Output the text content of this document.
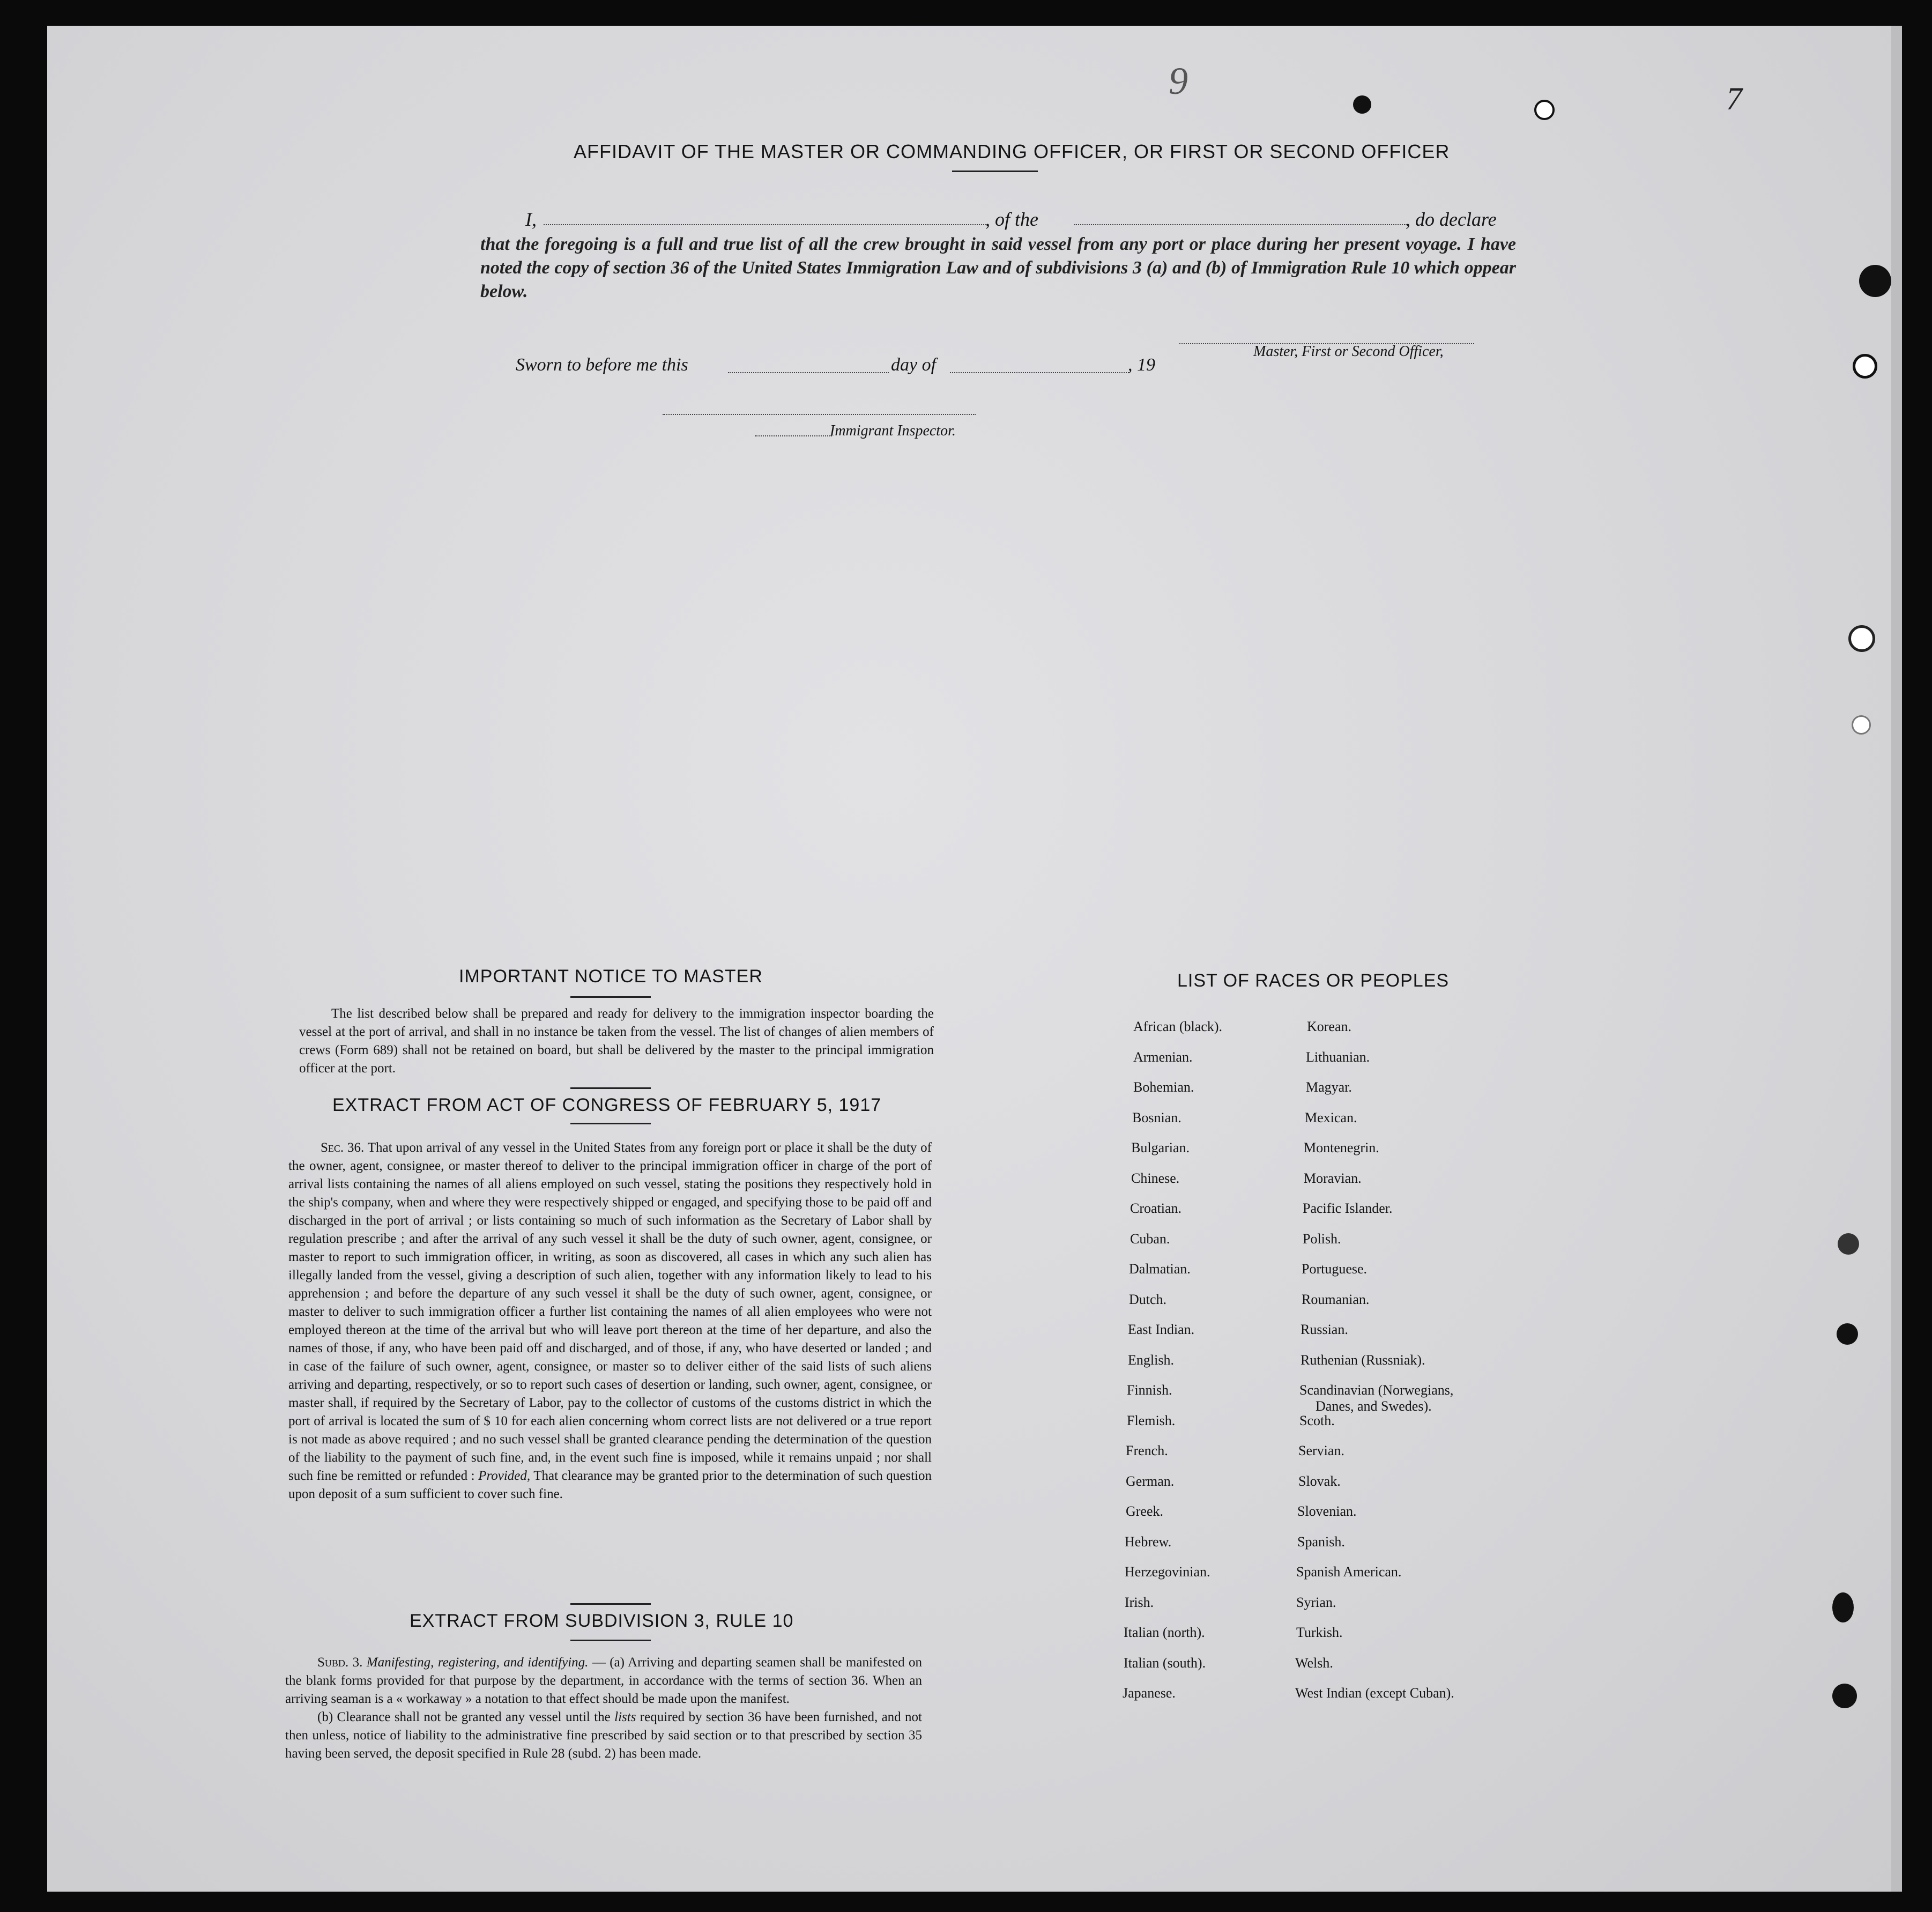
9	7
AFFIDAVIT OF THE MASTER OR COMMANDING OFFICER, OR FIRST OR SECOND OFFICER
I,	, of the	, do declare
that the foregoing is a full and true list of all the crew brought in said vessel from any port or place during her present voyage. I have noted the copy of section 36 of the United States Immigration Law and of subdivisions 3 (a) and (b) of Immigration Rule 10 which oppear below.
Master, First or Second Officer,
Sworn to before me this	day of	, 19
Immigrant Inspector.
IMPORTANT NOTICE TO MASTER

The list described below shall be prepared and ready for delivery to the immigration inspector boarding the vessel at the port of arrival, and shall in no instance be taken from the vessel. The list of changes of alien members of crews (Form 689) shall not be retained on board, but shall be delivered by the master to the principal immigration officer at the port.

EXTRACT FROM ACT OF CONGRESS OF FEBRUARY 5, 1917

Sec. 36. That upon arrival of any vessel in the United States from any foreign port or place it shall be the duty of the owner, agent, consignee, or master thereof to deliver to the principal immigration officer in charge of the port of arrival lists containing the names of all aliens employed on such vessel, stating the positions they respectively hold in the ship's company, when and where they were respectively shipped or engaged, and specifying those to be paid off and discharged in the port of arrival ; or lists containing so much of such information as the Secretary of Labor shall by regulation prescribe ; and after the arrival of any such vessel it shall be the duty of such owner, agent, consignee, or master to report to such immigration officer, in writing, as soon as discovered, all cases in which any such alien has illegally landed from the vessel, giving a description of such alien, together with any information likely to lead to his apprehension ; and before the departure of any such vessel it shall be the duty of such owner, agent, consignee, or master to deliver to such immigration officer a further list containing the names of all alien employees who were not employed thereon at the time of the arrival but who will leave port thereon at the time of her departure, and also the names of those, if any, who have been paid off and discharged, and of those, if any, who have deserted or landed ; and in case of the failure of such owner, agent, consignee, or master so to deliver either of the said lists of such aliens arriving and departing, respectively, or so to report such cases of desertion or landing, such owner, agent, consignee, or master shall, if required by the Secretary of Labor, pay to the collector of customs of the customs district in which the port of arrival is located the sum of $ 10 for each alien concerning whom correct lists are not delivered or a true report is not made as above required ; and no such vessel shall be granted clearance pending the determination of the question of the liability to the payment of such fine, and, in the event such fine is imposed, while it remains unpaid ; nor shall such fine be remitted or refunded : Provided, That clearance may be granted prior to the determination of such question upon deposit of a sum sufficient to cover such fine.

EXTRACT FROM SUBDIVISION 3, RULE 10

Subd. 3. Manifesting, registering, and identifying. — (a) Arriving and departing seamen shall be manifested on the blank forms provided for that purpose by the department, in accordance with the terms of section 36. When an arriving seaman is a « workaway » a notation to that effect should be made upon the manifest.

(b) Clearance shall not be granted any vessel until the lists required by section 36 have been furnished, and not then unless, notice of liability to the administrative fine prescribed by said section or to that prescribed by section 35 having been served, the deposit specified in Rule 28 (subd. 2) has been made.

LIST OF RACES OR PEOPLES
African (black).
Armenian.
Bohemian.
Bosnian.
Bulgarian.
Chinese.
Croatian.
Cuban.
Dalmatian.
Dutch.
East Indian.
English.
Finnish.
Flemish.
French.
German.
Greek.
Hebrew.
Herzegovinian.
Irish.
Italian (north).
Italian (south).
Japanese.
Korean.
Lithuanian.
Magyar.
Mexican.
Montenegrin.
Moravian.
Pacific Islander.
Polish.
Portuguese.
Roumanian.
Russian.
Ruthenian (Russniak).
Scandinavian (Norwegians,
Scoth.
Servian.
Slovak.
Slovenian.
Spanish.
Spanish American.
Syrian.
Turkish.
Welsh.
West Indian (except Cuban).
Danes, and Swedes).
